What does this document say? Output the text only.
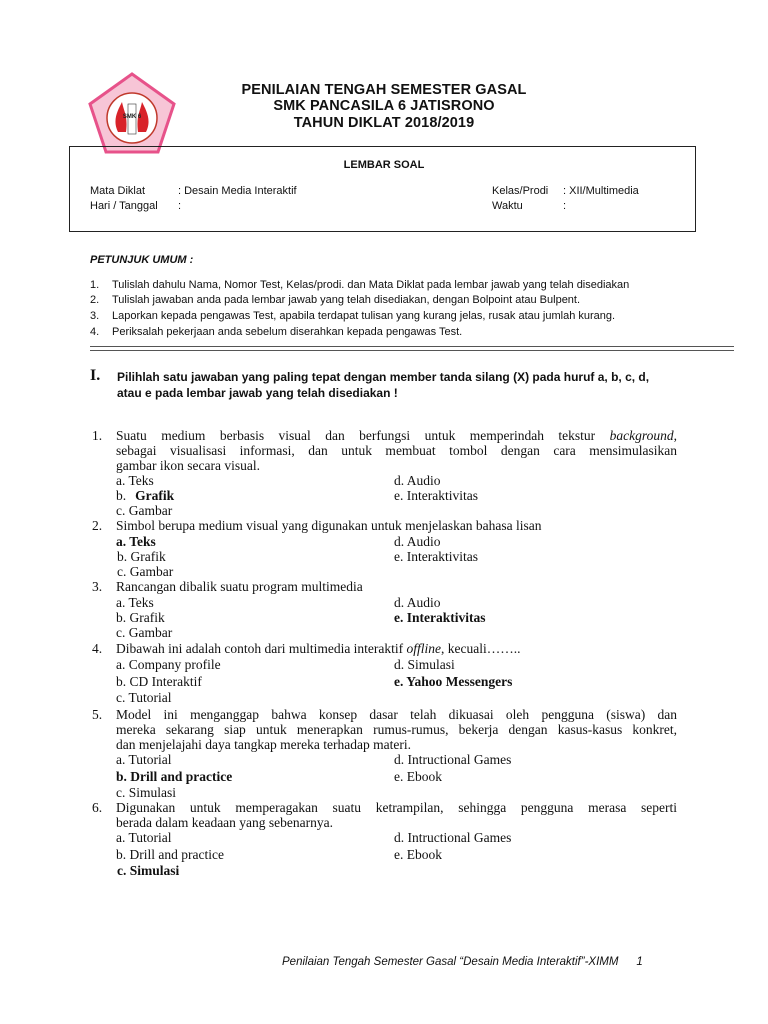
SMK 6
PENILAIAN TENGAH SEMESTER GASAL
SMK PANCASILA 6 JATISRONO
TAHUN DIKLAT 2018/2019
LEMBAR SOAL
Mata Diklat	: Desain Media Interaktif
Hari / Tanggal :
Kelas/Prodi : XII/Multimedia
Waktu	:
PETUNJUK UMUM :
1. Tulislah dahulu Nama, Nomor Test, Kelas/prodi. dan Mata Diklat pada lembar jawab yang telah disediakan
2. Tulislah jawaban anda pada lembar jawab yang telah disediakan, dengan Bolpoint atau Bulpent.
3. Laporkan kepada pengawas Test, apabila terdapat tulisan yang kurang jelas, rusak atau jumlah kurang.
4. Periksalah pekerjaan anda sebelum diserahkan kepada pengawas Test.
I. Pilihlah satu jawaban yang paling tepat dengan member tanda silang (X) pada huruf a, b, c, d,
atau e pada lembar jawab yang telah disediakan !
1. Suatu medium berbasis visual dan berfungsi untuk memperindah tekstur background,
sebagai visualisasi informasi, dan untuk membuat tombol dengan cara mensimulasikan
gambar ikon secara visual.
a. Teks
b. Grafik
c. Gambar
d. Audio
e. Interaktivitas
2. Simbol berupa medium visual yang digunakan untuk menjelaskan bahasa lisan
a. Teks
b. Grafik
c. Gambar
d. Audio
e. Interaktivitas
3. Rancangan dibalik suatu program multimedia
a. Teks
b. Grafik
c. Gambar
d. Audio
e. Interaktivitas
4. Dibawah ini adalah contoh dari multimedia interaktif offline, kecuali……..
a. Company profile
b. CD Interaktif
c. Tutorial
d. Simulasi
e. Yahoo Messengers
5. Model ini menganggap bahwa konsep dasar telah dikuasai oleh pengguna (siswa) dan
mereka sekarang siap untuk menerapkan rumus-rumus, bekerja dengan kasus-kasus konkret,
dan menjelajahi daya tangkap mereka terhadap materi.
a. Tutorial
b. Drill and practice
c. Simulasi
d. Intructional Games
e. Ebook
6. Digunakan untuk memperagakan suatu ketrampilan, sehingga pengguna merasa seperti
berada dalam keadaan yang sebenarnya.
a. Tutorial
b. Drill and practice
c. Simulasi
d. Intructional Games
e. Ebook
Penilaian Tengah Semester Gasal “Desain Media Interaktif”-XIMM 1
